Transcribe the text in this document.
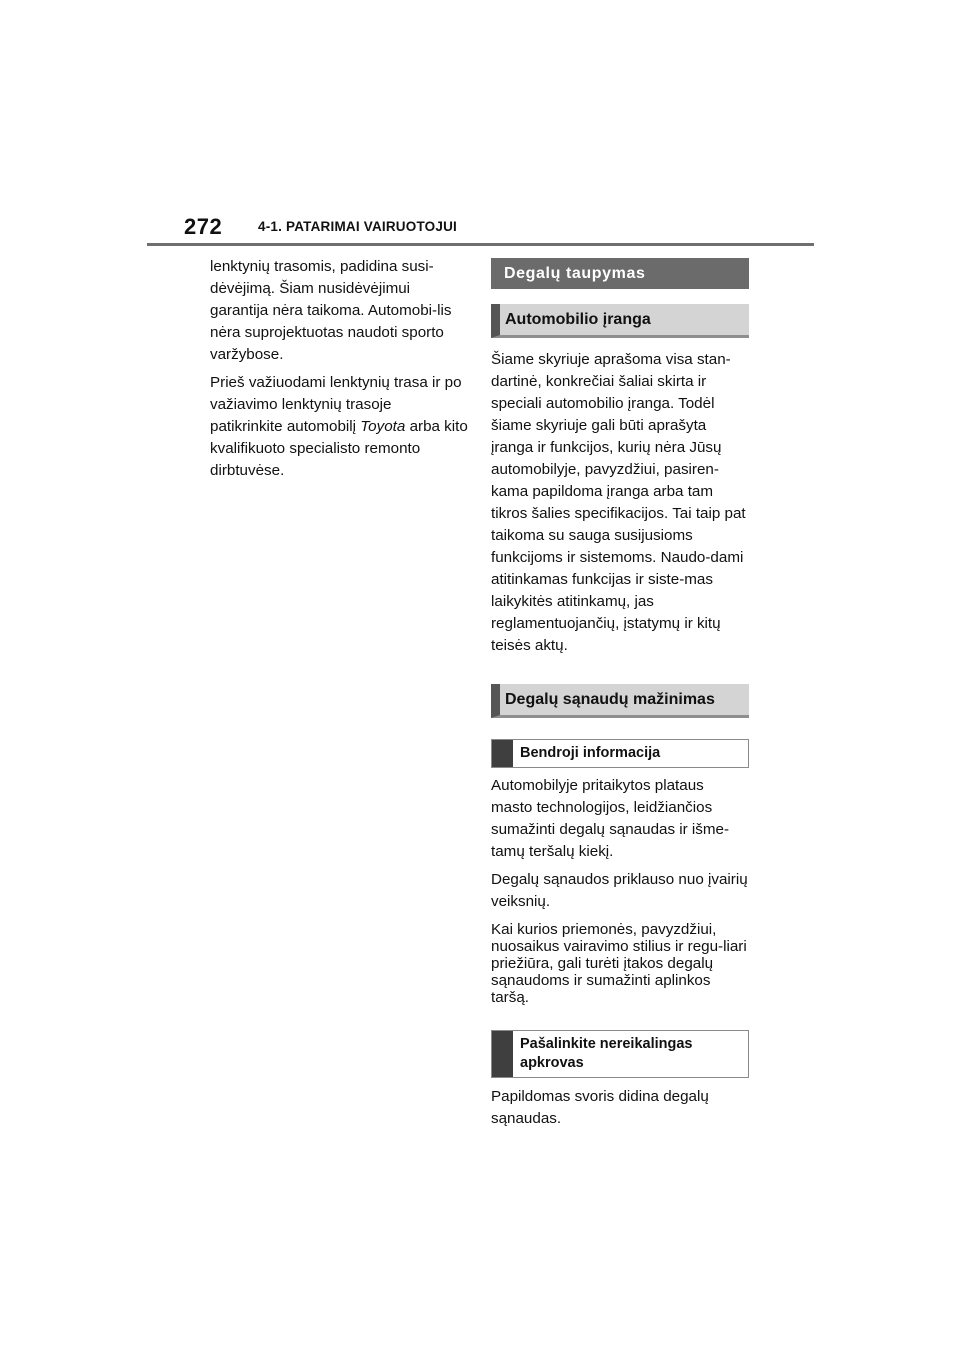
272	4-1. PATARIMAI VAIRUOTOJUI

lenktynių trasomis, padidina susi-dėvėjimą. Šiam nusidėvėjimui garantija nėra taikoma. Automobi-lis nėra suprojektuotas naudoti sporto varžybose.

Prieš važiuodami lenktynių trasa ir po važiavimo lenktynių trasoje patikrinkite automobilį Toyota arba kito kvalifikuoto specialisto remonto dirbtuvėse.

Degalų taupymas
Automobilio įranga

Šiame skyriuje aprašoma visa stan-dartinė, konkrečiai šaliai skirta ir speciali automobilio įranga. Todėl šiame skyriuje gali būti aprašyta įranga ir funkcijos, kurių nėra Jūsų automobilyje, pavyzdžiui, pasiren-kama papildoma įranga arba tam tikros šalies specifikacijos. Tai taip pat taikoma su sauga susijusioms funkcijoms ir sistemoms. Naudo-dami atitinkamas funkcijas ir siste-mas laikykitės atitinkamų, jas reglamentuojančių, įstatymų ir kitų teisės aktų.

Degalų sąnaudų mažinimas
Bendroji informacija

Automobilyje pritaikytos plataus masto technologijos, leidžiančios sumažinti degalų sąnaudas ir išme-tamų teršalų kiekį.

Degalų sąnaudos priklauso nuo įvairių veiksnių.

Kai kurios priemonės, pavyzdžiui, nuosaikus vairavimo stilius ir regu-liari priežiūra, gali turėti įtakos degalų sąnaudoms ir sumažinti aplinkos taršą.

Pašalinkite nereikalingas apkrovas

Papildomas svoris didina degalų sąnaudas.
